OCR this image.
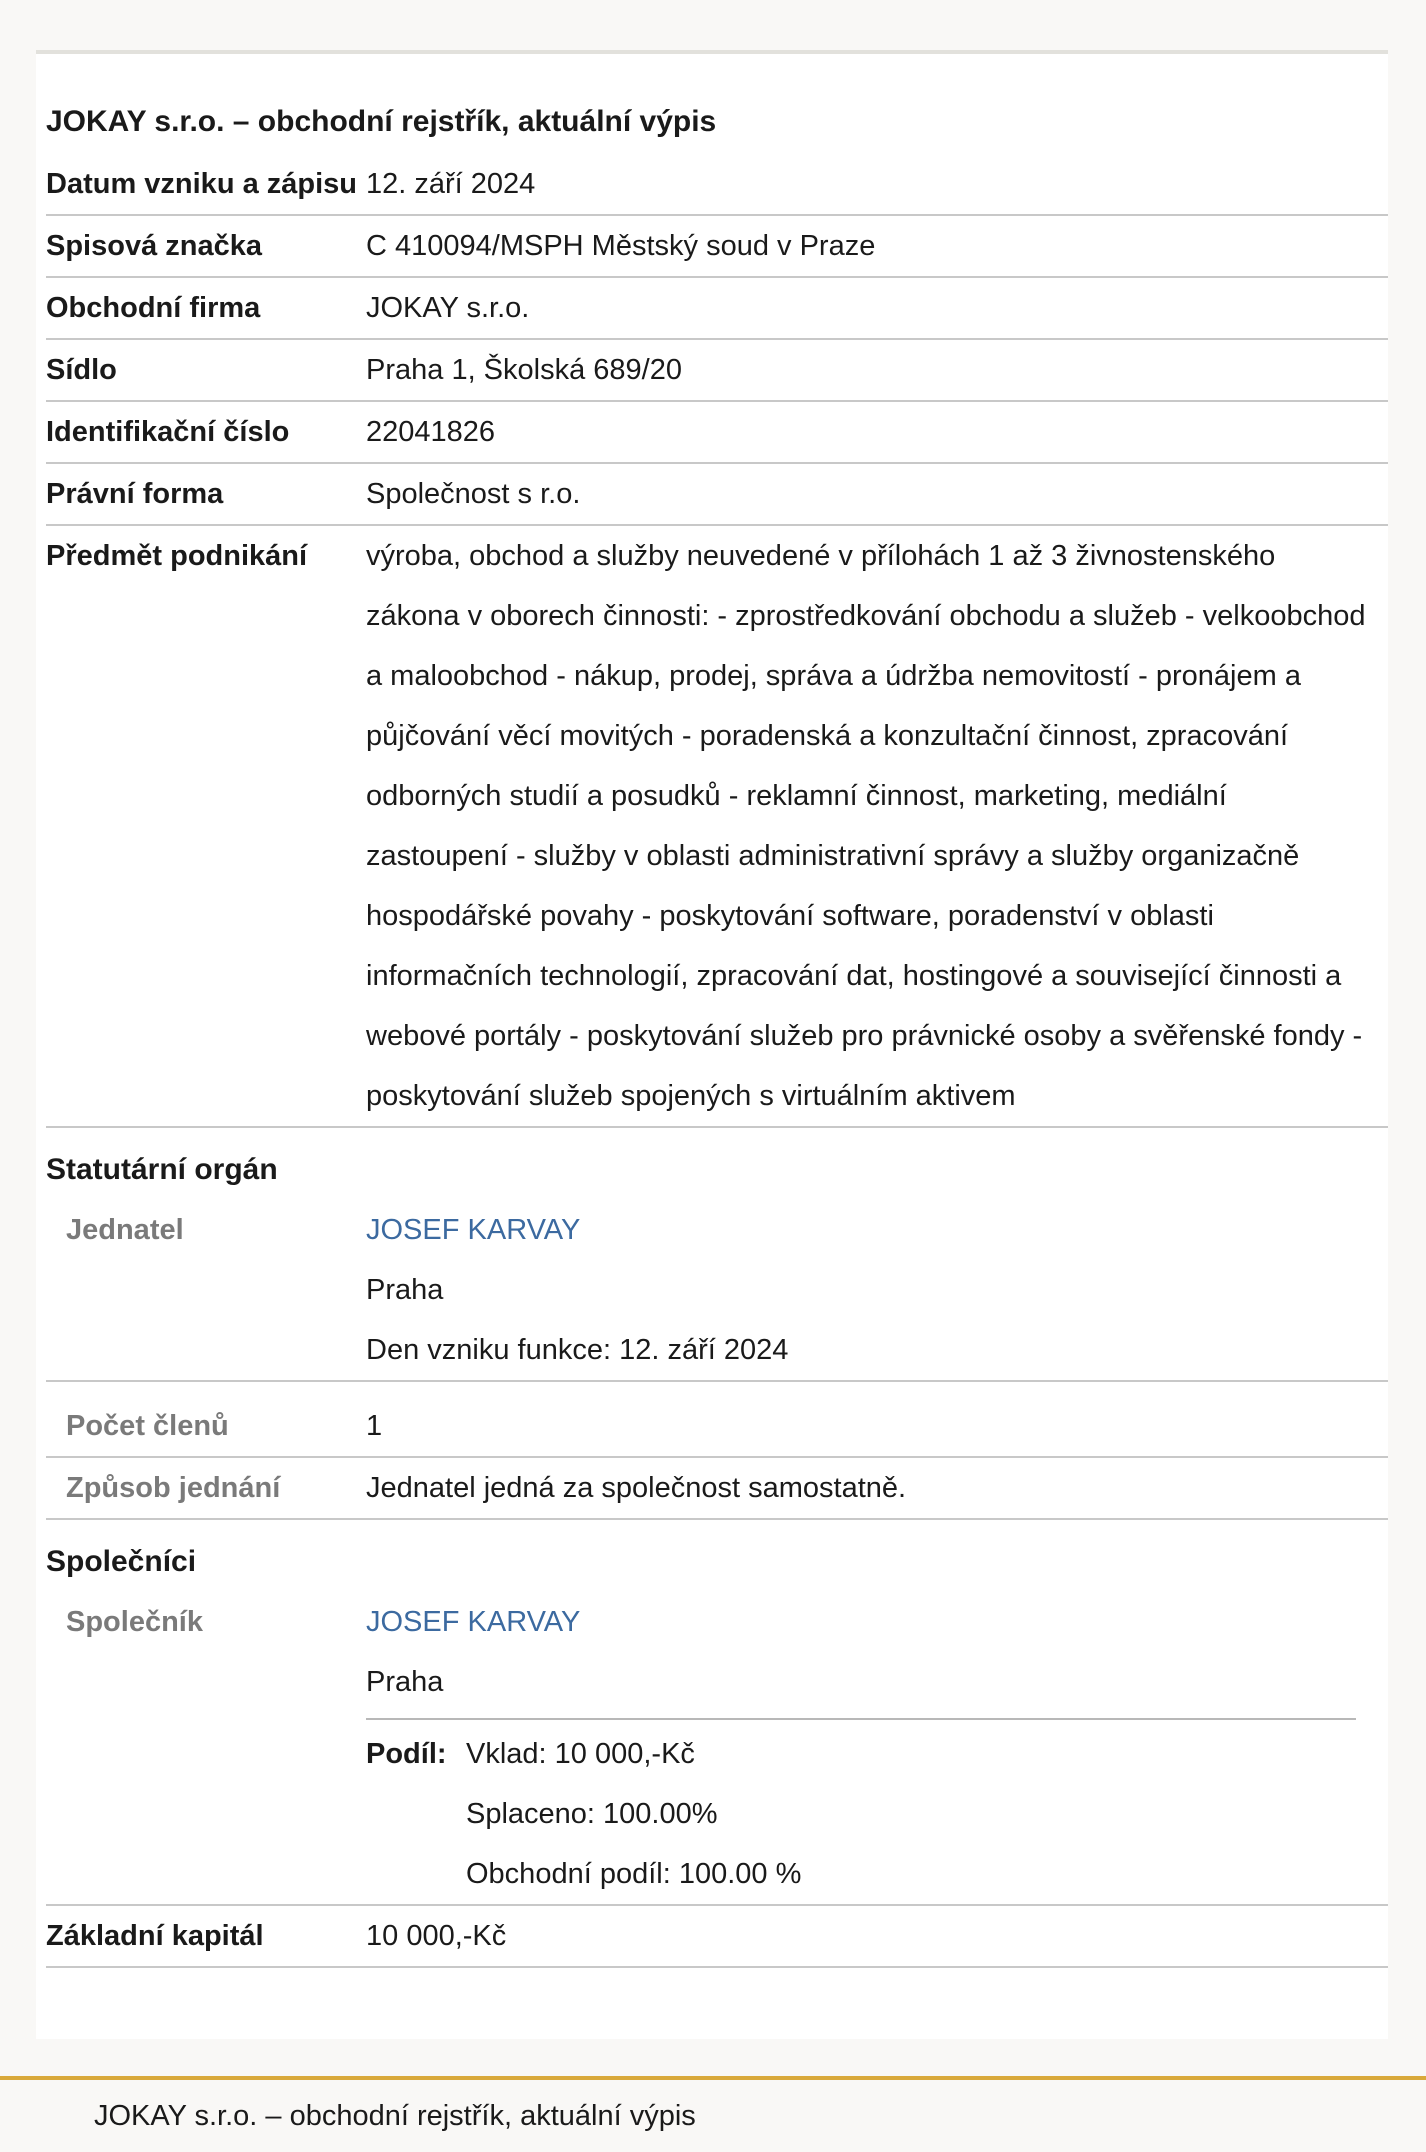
JOKAY s.r.o. – obchodní rejstřík, aktuální výpis
Datum vzniku a zápisu 12. září 2024
Spisová značka	C 410094/MSPH Městský soud v Praze
Obchodní firma	JOKAY s.r.o.
Sídlo	Praha 1, Školská 689/20
Identifikační číslo	22041826
Právní forma	Společnost s r.o.
Předmět podnikání	výroba, obchod a služby neuvedené v přílohách 1 až 3 živnostenského zákona v oborech činnosti: - zprostředkování obchodu a služeb - velkoobchod a maloobchod - nákup, prodej, správa a údržba nemovitostí - pronájem a půjčování věcí movitých - poradenská a konzultační činnost, zpracování odborných studií a posudků - reklamní činnost, marketing, mediální zastoupení - služby v oblasti administrativní správy a služby organizačně hospodářské povahy - poskytování software, poradenství v oblasti informačních technologií, zpracování dat, hostingové a související činnosti a webové portály - poskytování služeb pro právnické osoby a svěřenské fondy - poskytování služeb spojených s virtuálním aktivem
Statutární orgán
Jednatel	JOSEF KARVAY
Praha
Den vzniku funkce: 12. září 2024
Počet členů	1
Způsob jednání	Jednatel jedná za společnost samostatně.
Společníci
Společník	JOSEF KARVAY
Praha
Podíl: Vklad: 10 000,-Kč
Splaceno: 100.00%
Obchodní podíl: 100.00 %
Základní kapitál	10 000,-Kč
JOKAY s.r.o. – obchodní rejstřík, aktuální výpis
